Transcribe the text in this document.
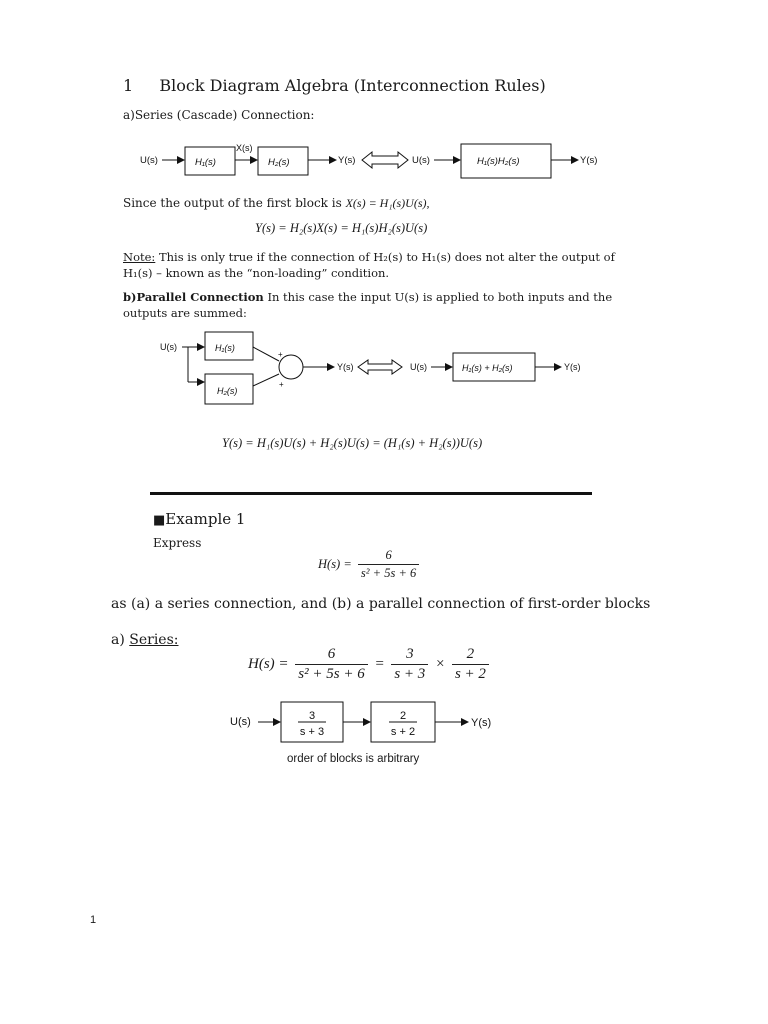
1 Block Diagram Algebra (Interconnection Rules)
a)Series (Cascade) Connection:
U(s)	H₁(s)
X(s)
H₂(s)	Y(s)	U(s)	H₁(s)H₂(s)	Y(s)
Since the output of the first block is X(s) = H₁(s)U(s),
Y(s) = H₂(s)X(s) = H₁(s)H₂(s)U(s)
Note: This is only true if the connection of H₂(s) to H₁(s) does not alter the output of H₁(s) – known as the “non-loading” condition.
b)Parallel Connection In this case the input U(s) is applied to both inputs and the outputs are summed:
U(s)	H₁(s)
H₂(s)
+
+
Y(s)	U(s)	H₁(s) + H₂(s)	Y(s)
Y(s) = H₁(s)U(s) + H₂(s)U(s) = (H₁(s) + H₂(s))U(s)
■Example 1
Express
$H(s) = \frac{6}{\text{s² + 5s + 6}}$
as (a) a series connection, and (b) a parallel connection of first-order blocks
a) Series:
$H(s) = \frac{6}{\text{s² + 5s + 6}} = \frac{3}{s + 3} \times \frac{2}{s + 2}$
U(s)	3
s + 3
2
s + 2
Y(s)
order of blocks is arbitrary
1
